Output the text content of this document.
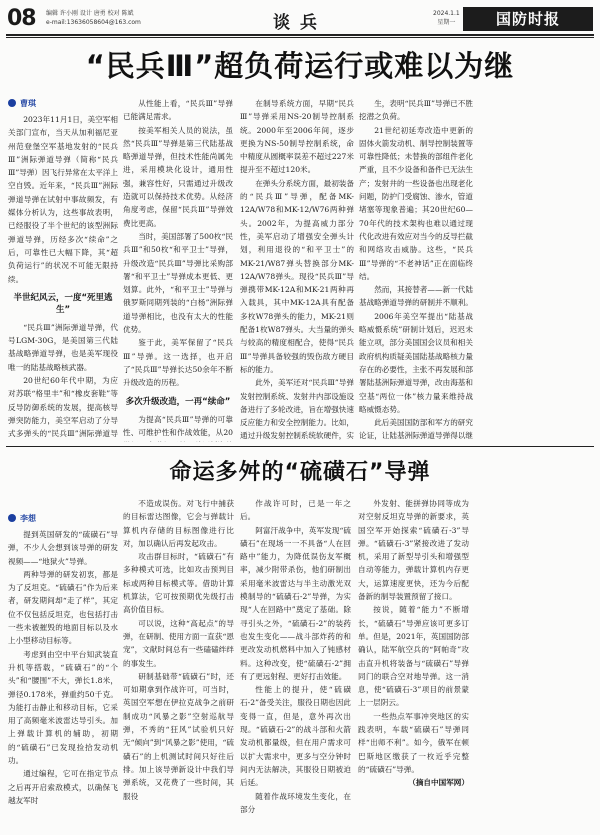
08 编辑 许小刚 设计 唐勇 校对 陈斌
e-mail:13636058604@163.com	谈兵	2024.1.1
星期一	国防时报
“民兵Ⅲ”超负荷运行或难以为继
曹琪

2023年11月1日，美空军相关部门宣布，当天从加利福尼亚州范登堡空军基地发射的“民兵Ⅲ”洲际弹道导弹（简称“民兵Ⅲ”导弹）因飞行异常在太平洋上空自毁。近年来，“民兵Ⅲ”洲际弹道导弹在试射中事故频发，有媒体分析认为，这些事故表明，已经服役了半个世纪的该型洲际弹道导弹，历经多次“续命”之后，可靠性已大幅下降，其“超负荷运行”的状况不可能无限持续。

半世纪风云，一度“死里逃生”

“民兵Ⅲ”洲际弹道导弹，代号LGM-30G，是美国第三代陆基战略弹道导弹，也是美军现役唯一的陆基战略核武器。

20世纪60年代中期，为应对苏联“格里丰”和“橡皮套鞋”等反导防御系统的发展，提高核导弹突防能力，美空军启动了分导式多弹头的“民兵Ⅲ”洲际弹道导

从性能上看，“民兵Ⅲ”导弹已能满足需求。

按美军相关人员的说法，虽然“民兵Ⅲ”导弹是第三代陆基战略弹道导弹，但技术性能尚属先进，采用模块化设计，通用性强，兼容性好，只需通过升级改造就可以保持技术优势。从经济角度考虑，保留“民兵Ⅲ”导弹效费比更高。

当时，美国部署了500枚“民兵Ⅲ”和50枚“和平卫士”导弹，升级改造“民兵Ⅲ”导弹比采购部署“和平卫士”导弹成本更低、更划算。此外，“和平卫士”导弹与俄罗斯同期列装的“白杨”洲际弹道导弹相比，也没有太大的性能优势。

鉴于此，美军保留了“民兵Ⅲ”导弹。这一选择，也开启了“民兵Ⅲ”导弹长达50余年不断升级改造的历程。

多次升级改造，一再“续命”

为提高“民兵Ⅲ”导弹的可靠性、可维护性和作战效能，从20

在制导系统方面，早期“民兵Ⅲ”导弹采用NS-20制导控制系统。2000年至2006年间，逐步更换为NS-50制导控制系统，命中精度从圆概率误差不超过227米提升至不超过120米。

在弹头分系统方面，最初装备的“民兵Ⅲ”导弹，配备MK-12A/W78和MK-12/W76两种弹头。2002年，为提高威力部分性，美军启动了增强安全弹头计划，利用退役的“和平卫士”的MK-21/W87弹头替换部分MK-12A/W78弹头。现役“民兵Ⅲ”导弹携带MK-12A和MK-21两种再入载具，其中MK-12A具有配备多枚W78弹头的能力，MK-21则配备1枚W87弹头。大当量的弹头与较高的精度相配合，使得“民兵Ⅲ”导弹具备较强的毁伤敌方硬目标的能力。

此外，美军还对“民兵Ⅲ”导弹发射控制系统、发射井内部设施设备进行了多轮改进，旨在增强快速反应能力和安全控制能力。比如，通过升级发射控制系统软硬件，实

生，表明“民兵Ⅲ”导弹已不胜挖潜之负荷。

21世纪初延寿改造中更新的固体火箭发动机、制导控制装置等可靠性降低；未替换的部组件老化严重，且不少设备和备件已无法生产；发射井的一些设备也出现老化问题，防护门受腐蚀、渗水，管道堵塞等现象普遍；其20世纪60—70年代的技术架构也难以通过现代化改进有效应对当今的反导拦截和网络攻击威胁。这些，“民兵Ⅲ”导弹的“不老神话”正在面临终结。

然而，其接替者——新一代陆基战略弹道导弹的研制并不顺利。

2006年美空军提出“陆基战略威慑系统”研制计划后，迟迟未能立项，部分美国国会议员和相关政府机构质疑美国陆基战略核力量存在的必要性，主张不再发展和部署陆基洲际弹道导弹，改由海基和空基“两位一体”核力量来维持战略威慑态势。

此后美国国防部和军方的研究论证，让陆基洲际弹道导弹得以继

命运多舛的“硫磺石”导弹
李想

提到英国研发的“硫磺石”导弹，不少人会想到该导弹的研发视频——“地狱火”导弹。

两种导弹的研发初衷，都是为了反坦克。“硫磺石”作为后来者，研发期间却“走了样”，其定位不仅包括反坦克，也包括打击一些未被摧毁的地面目标以及水上小型移动目标等。

考虑到由空中平台知武装直升机等搭载，“硫磺石”的“个头”和“腰围”不大，弹长1.8米，弹径0.178米，弹重约50千克。为能打击静止和移动目标，它采用了高频毫米波雷达导引头。加上弹载计算机的辅助，初期的“硫磺石”已发现捡拾发动机功。

通过编程，它可在指定节点之后再开启索敌模式，以确保飞越友军时

不造成误伤。对飞行中捕获的目标雷达图像，它会与弹载计算机内存储的目标图像进行比对，加以确认后再发起攻击。

攻击群目标时，“硫磺石”有多种模式可选，比如攻击预判目标或两种目标模式等。借助计算机算法，它可按预期优先级打击高价值目标。

可以说，这种“高起点”的导弹，在研制、使用方面一直获“恩宠”，文献时间总有一些磕磕绊绊的事发生。

研制基础带“硫磺石”时，还可如期拿到作战许可，可当时，英国空军想在伊拉克战争之前研制成功“风暴之影”空射巡航导弹，不秀的“狂风”试验机只好无“倾向”到“风暴之影”使用，“硫磺石”的上机测试时间只好往后排。加上该导弹新设计中我们导弹系统，又花费了一些时间，其服役

作战许可时，已是一年之后。

阿富汗战争中，英军发现“硫磺石”在现场一一不具备“人在回路中”能力，为降低误伤友军概率，减少附带杀伤，他们研制出采用毫米波雷达与半主动激光双模制导的“硫磺石-2”导弹，为实现“人在回路中”奠定了基础。除寻引头之外，“硫磺石-2”的装药也发生变化——战斗部炸药的和更改发动机燃料中加入了钝感材料。这种改变，使“硫磺石-2”拥有了更远射程、更好打击效能。

性能上的提升，使“硫磺石-2”备受关注，服役日期也因此变得一直，但是，意外再次出现。“硫磺石-2”的战斗部和火箭发动机都量级，但在用户需求可以扩大需求中，更多与空分钟时间内无法解决，其服役日期被迫后延。

随着作战环境发生变化，在部分

外发射、能拼弹协同等成为对空射反坦克导弹的新要求，英国空军开始探索“硫磺石-3”导弹。“硫磺石-3”紧接改进了发动机，采用了新型导引头和增强型自动等能力，弹载计算机内存更大，运算速度更快，还为今后配备新的制导装置预留了接口。

按说，随着“能力”不断增长，“硫磺石”导弹应该可更多订单。但是，2021年，英国国防部确认，陆军航空兵的“阿帕奇”攻击直升机将装备与“硫磺石”导弹同门的联合空对地导弹。这一消息，使“硫磺石-3”项目的前景蒙上一层阴云。

一些热点军事冲突地区的实践表明，车载“硫磺石”导弹同样“出师不利”。如今，俄军在顿巴斯地区缴获了一枚近乎完整的“硫磺石”导弹。

（摘自中国军网）
